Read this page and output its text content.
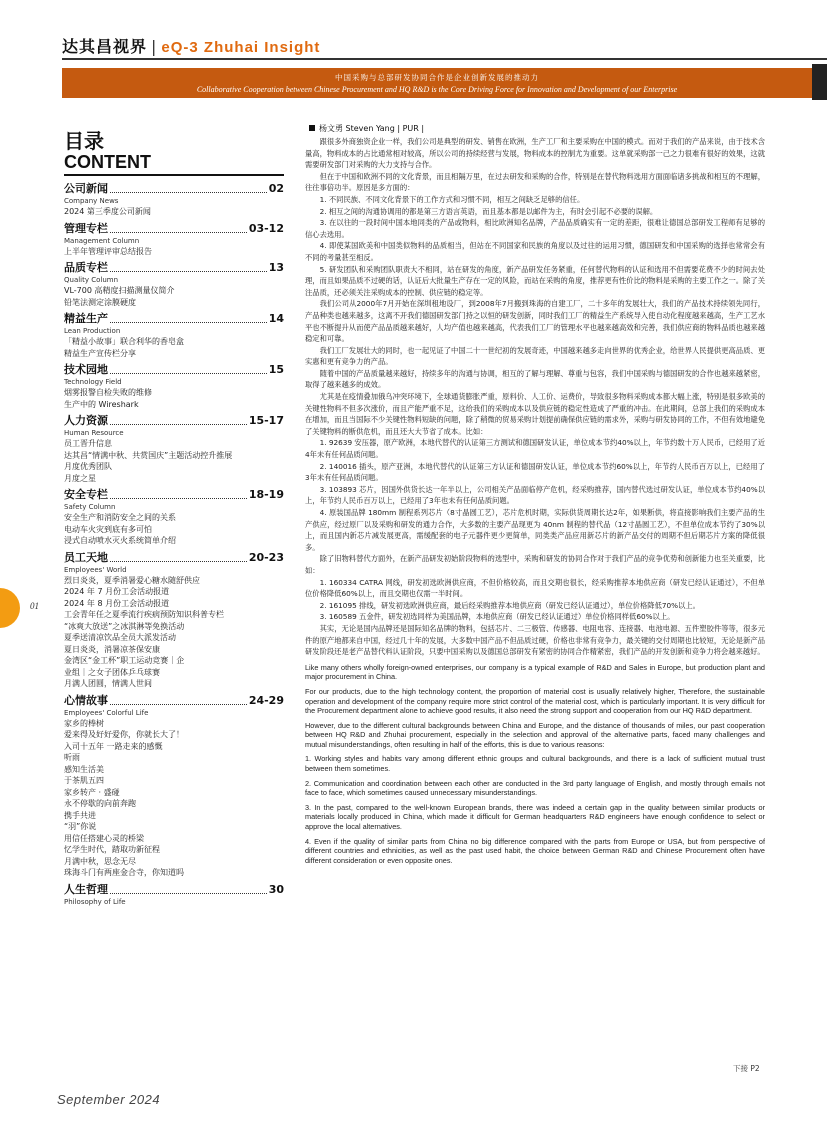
达其昌视界 | eQ-3 Zhuhai Insight
中国采购与总部研发协同合作是企业创新发展的推动力
Collaborative Cooperation between Chinese Procurement and HQ R&D is the Core Driving Force for Innovation and Development of our Enterprise
目录
CONTENT
公司新闻	02
Company News
2024 第三季度公司新闻
管理专栏	03-12
Management Column
上半年管理评审总结报告
品质专栏	13
Quality Column
VL-700 高精度扫描测量仪简介
铅笔法测定涂膜硬度
精益生产	14
Lean Production
「精益小故事」联合利华的香皂盒
精益生产宣传栏分享
技术园地	15
Technology Field
烟雾报警自检失败的维修
生产中的 Wireshark
人力资源	15-17
Human Resource
员工晋升信息
达其昌“情满中秋、共赏国庆”主题活动控升推展
月度优秀团队
月度之星
安全专栏	18-19
Safety Column
安全生产和消防安全之间的关系
电动车火灾到底有多可怕
浸式自动喷水灭火系统简单介绍
员工天地	20-23
Employees' World
烈日炎炎，夏季消暑爱心糖水随舒供应
2024 年 7 月份工会活动报道
2024 年 8 月份工会活动报道
工会青年任之夏季流行疾病预防知识科普专栏
“冰爽大放送”之冰淇淋等免换活动
夏季送清凉饮品全员大派发活动
夏日炎炎，消暑凉茶保安康
金湾区“金工杯”职工运动竞赛｜企
业组｜之女子团体乒乓球赛
月满人团圆，情满人世间
心情故事	24-29
Employees' Colorful Life
家乡的棒树
爱来得及好好爱你，你就长大了！
入司十五年 一路走来的感慨
听雨
感知生活美
于茶肌五四
家乡转产 · 盛碰
永不停歇的向前奔跑
携手共进
“羽”你说
用信任搭建心灵的桥梁
忆学生时代，踏取功新征程
月满中秋，思念无尽
珠海斗门有两座金合寺，你知道吗
人生哲理	30
Philosophy of Life
01
September 2024
杨文勇 Steven Yang | PUR |

跟很多外商独资企业一样，我们公司是典型的研发、销售在欧洲，生产工厂和主要采购在中国的模式。而对于我们的产品来说，由于技术含量高，物料成本的占比通常相对较高，所以公司的持续经营与发展，物料成本的控制尤为重要。这单就采购部一己之力很难有很好的效果，这就需要研发部门对采购的大力支持与合作。

但在于中国和欧洲不同的文化背景，而且相隔万里，在过去研发和采购的合作，特别是在替代物料选用方面面临诸多挑战和相互的不理解，往往事倍功半。原因是多方面的：

1. 不同民族、不同文化背景下的工作方式和习惯不同，相互之间缺乏足够的信任。

2. 相互之间的沟通协调用的都是第三方语言英语，而且基本都是以邮件为主，有时会引起不必要的误解。

3. 在以往的一段时间中国本地同类的产品或物料，相比欧洲知名品牌，产品品质确实有一定的差距，很难让德国总部研发工程师有足够的信心去选用。

4. 即使某国欧美和中国类似物料的品质相当，但站在不同国家和民族的角度以及过往的运用习惯，德国研发和中国采购的选择也常常会有不同的考量甚至相反。

5. 研发团队和采购团队职责大不相同，站在研发的角度，新产品研发任务紧重，任何替代物料的认证和选用不但需要花费不少的时间去处理，而且如果品质不过硬的话，认证后大批量生产存在一定的风险，而站在采购的角度，推荐更有性价比的物料是采购的主要工作之一。除了关注品质，还必须关注采购成本的控制、供应链的稳定等。

我们公司从2000年7月开始在深圳租地设厂，到2008年7月搬到珠海的自建工厂，二十多年的发展壮大，我们的产品技术持续领先同行，产品种类也越来越多，这离不开我们德国研发部门持之以恒的研发创新，同时我们工厂的精益生产系统导入使自动化程度越来越高，生产工艺水平也不断提升从而使产品品质越来越好，人均产值也越来越高，代表我们工厂的管理水平也越来越高效和完善，我们供应商的物料品质也越来越稳定和可靠。

我们工厂发展壮大的同时，也一起见证了中国二十一世纪初的发展奇迹，中国越来越多走向世界的优秀企业，给世界人民提供更高品质、更实惠和更有竞争力的产品。

随着中国的产品质量越来越好，持续多年的沟通与协调，相互的了解与理解、尊重与包容，我们中国采购与德国研发的合作也越来越紧密，取得了越来越多的成效。

尤其是在疫情叠加俄乌冲突环境下，全球通货膨胀严重，原料价、人工价、运费价，导致很多物料采购成本都大幅上涨，特别是很多欧美的关键性物料不但多次涨价，而且产能严重不足，这给我们的采购成本以及供应链的稳定性造成了严重的冲击。在此期间，总部上我们的采购成本在增加，而且当国际不少关键性物料短缺的问题，除了稍微的贸易采购计划提前确保供应链的需求外，采购与研发协同的工作，不但有效地避免了关键物料的断供危机，而且还大大节省了成本。比如：

1. 92639 安压器，原产欧洲，本地代替代的认证第三方测试和德国研发认证，单位成本节约40%以上，年节约数十万人民币，已经用了近4年未有任何品质问题。

2. 140016 插头，原产亚洲，本地代替代的认证第三方认证和德国研发认证，单位成本节约60%以上，年节约人民币百万以上，已经用了3年未有任何品质问题。

3. 103893 芯片，因国外供货长达一年半以上，公司相关产品面临停产危机，经采购推荐，国内替代选过研发认证，单位成本节约40%以上，年节约人民币百万以上，已经用了3年也未有任何品质问题。

4. 原装国品牌 180mm 制程系列芯片（8寸晶圆工艺），芯片危机时期，实际供货周期长达2年，如果断供，将直接影响我们主要产品的生产供应，经过原厂以及采购和研发的通力合作，大多数的主要产品现更为 40nm 制程的替代品（12寸晶圆工艺），不但单位成本节约了30%以上，而且国内新芯片减发展更高，需缓配套的电子元器件更少更简单，同类类产品应用新芯片的新产品交付的周期不但后期芯片方案的降低很多。

除了旧物料替代方面外，在新产品研发初始阶段物料的选型中，采购和研发的协同合作对于我们产品的竞争优势和创新能力也至关重要，比如：

1. 160334 CATRA 网线，研发初选欧洲供应商，不但价格较高，而且交期也很长，经采购推荐本地供应商（研发已经认证通过），不但单位价格降低60%以上，而且交期也仅需一半时间。

2. 161095 排线，研发初选欧洲供应商，最后经采购推荐本地供应商（研发已经认证通过），单位价格降低70%以上。

3. 160589 五金件，研发初选同样为美国品牌，本地供应商（研发已经认证通过）单位价格同样低60%以上。

其实，无论是国内品牌还是国际知名品牌的物料，包括芯片、二三极管、传感器、电阻电容、连接器、电池电源、五件塑胶件等等，很多元件的原产地都来自中国，经过几十年的发展，大多数中国产品不但品质过硬，价格也非常有竞争力，最关键的交付周期也比较短，无论是新产品研发阶段还是老产品替代料认证阶段，只要中国采购以及德国总部研发有紧密的协同合作精紧密，我们产品的开发创新和竞争力将会越来越好。

Like many others wholly foreign-owned enterprises, our company is a typical example of R&D and Sales in Europe, but production plant and major procurement in China.

For our products, due to the high technology content, the proportion of material cost is usually relatively higher, Therefore, the sustainable operation and development of the company require more strict control of the material cost, which is particularly important. It is very difficult for the Procurement department alone to achieve good results, it also need the strong support and cooperation from our HQ R&D department.

However, due to the different cultural backgrounds between China and Europe, and the distance of thousands of miles, our past cooperation between HQ R&D and Zhuhai procurement, especially in the selection and approval of the alternative parts, faced many challenges and mutual misunderstandings, often resulting in half of the efforts, this is due to various reasons:

1. Working styles and habits vary among different ethnic groups and cultural backgrounds, and there is a lack of sufficient mutual trust between them sometimes.

2. Communication and coordination between each other are conducted in the 3rd party language of English, and mostly through emails not face to face, which sometimes caused unnecessary misunderstandings.

3. In the past, compared to the well-known European brands, there was indeed a certain gap in the quality between similar products or materials locally produced in China, which made it difficult for German headquarters R&D engineers have enough confidence to select or approve the local alternatives.

4. Even if the quality of similar parts from China no big difference compared with the parts from Europe or USA, but from perspective of different countries and ethnicities, as well as the past used habit, the choice between German R&D and Chinese Procurement often have different consideration or even opposite ones.

下接 P2
